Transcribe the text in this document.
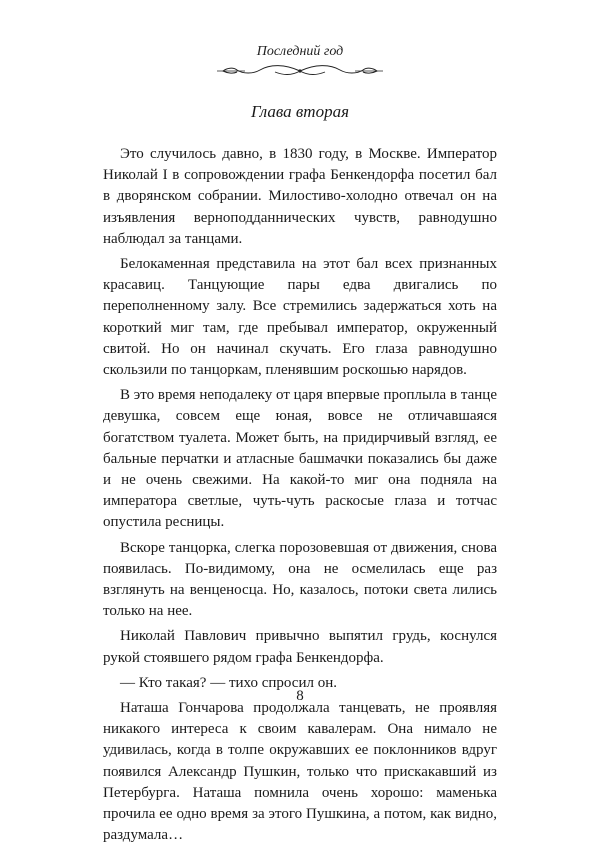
Последний год
Глава вторая

Это случилось давно, в 1830 году, в Москве. Император Николай I в сопровождении графа Бенкендорфа посетил бал в дворянском собрании. Милостиво-холодно отвечал он на изъявления верноподданнических чувств, равнодушно наблюдал за танцами.

Белокаменная представила на этот бал всех признанных красавиц. Танцующие пары едва двигались по переполненному залу. Все стремились задержаться хоть на короткий миг там, где пребывал император, окруженный свитой. Но он начинал скучать. Его глаза равнодушно скользили по танцоркам, пленявшим роскошью нарядов.

В это время неподалеку от царя впервые проплыла в танце девушка, совсем еще юная, вовсе не отличавшаяся богатством туалета. Может быть, на придирчивый взгляд, ее бальные перчатки и атласные башмачки показались бы даже и не очень свежими. На какой-то миг она подняла на императора светлые, чуть-чуть раскосые глаза и тотчас опустила ресницы.

Вскоре танцорка, слегка порозовевшая от движения, снова появилась. По-видимому, она не осмелилась еще раз взглянуть на венценосца. Но, казалось, потоки света лились только на нее.

Николай Павлович привычно выпятил грудь, коснулся рукой стоявшего рядом графа Бенкендорфа.

— Кто такая? — тихо спросил он.

Наташа Гончарова продолжала танцевать, не проявляя никакого интереса к своим кавалерам. Она нимало не удивилась, когда в толпе окружавших ее поклонников вдруг появился Александр Пушкин, только что прискакавший из Петербурга. Наташа помнила очень хорошо: маменька прочила ее одно время за этого Пушкина, а потом, как видно, раздумала…

8
